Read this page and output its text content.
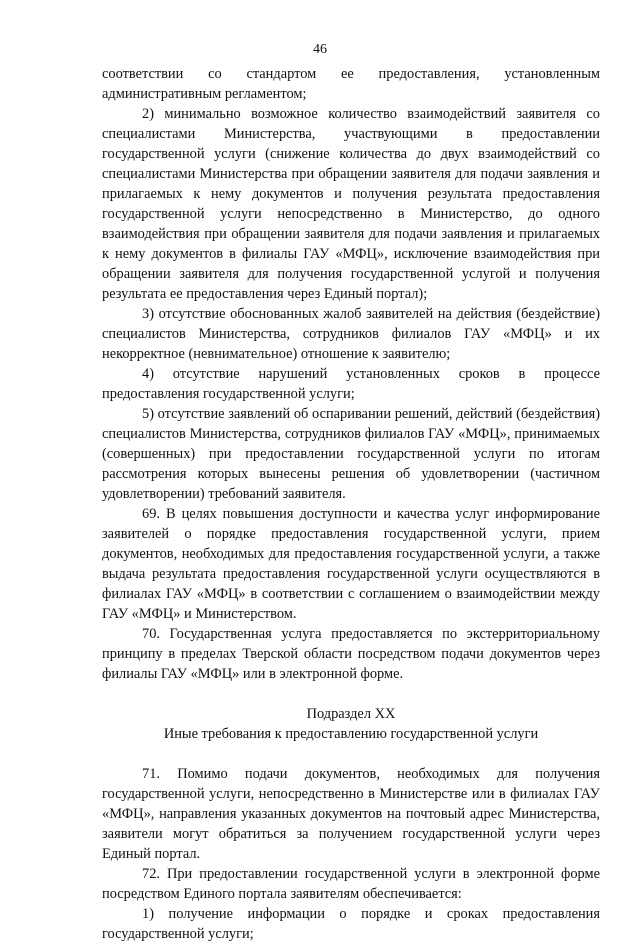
46

соответствии со стандартом ее предоставления, установленным административным регламентом;

2) минимально возможное количество взаимодействий заявителя со специалистами Министерства, участвующими в предоставлении государственной услуги (снижение количества до двух взаимодействий со специалистами Министерства при обращении заявителя для подачи заявления и прилагаемых к нему документов и получения результата предоставления государственной услуги непосредственно в Министерство, до одного взаимодействия при обращении заявителя для подачи заявления и прилагаемых к нему документов в филиалы ГАУ «МФЦ», исключение взаимодействия при обращении заявителя для получения государственной услугой и получения результата ее предоставления через Единый портал);

3) отсутствие обоснованных жалоб заявителей на действия (бездействие) специалистов Министерства, сотрудников филиалов ГАУ «МФЦ» и их некорректное (невнимательное) отношение к заявителю;

4) отсутствие нарушений установленных сроков в процессе предоставления государственной услуги;

5) отсутствие заявлений об оспаривании решений, действий (бездействия) специалистов Министерства, сотрудников филиалов ГАУ «МФЦ», принимаемых (совершенных) при предоставлении государственной услуги по итогам рассмотрения которых вынесены решения об удовлетворении (частичном удовлетворении) требований заявителя.

69. В целях повышения доступности и качества услуг информирование заявителей о порядке предоставления государственной услуги, прием документов, необходимых для предоставления государственной услуги, а также выдача результата предоставления государственной услуги осуществляются в филиалах ГАУ «МФЦ» в соответствии с соглашением о взаимодействии между ГАУ «МФЦ» и Министерством.

70. Государственная услуга предоставляется по экстерриториальному принципу в пределах Тверской области посредством подачи документов через филиалы ГАУ «МФЦ» или в электронной форме.

Подраздел XX

Иные требования к предоставлению государственной услуги

71. Помимо подачи документов, необходимых для получения государственной услуги, непосредственно в Министерстве или в филиалах ГАУ «МФЦ», направления указанных документов на почтовый адрес Министерства, заявители могут обратиться за получением государственной услуги через Единый портал.

72. При предоставлении государственной услуги в электронной форме посредством Единого портала заявителям обеспечивается:

1) получение информации о порядке и сроках предоставления государственной услуги;
